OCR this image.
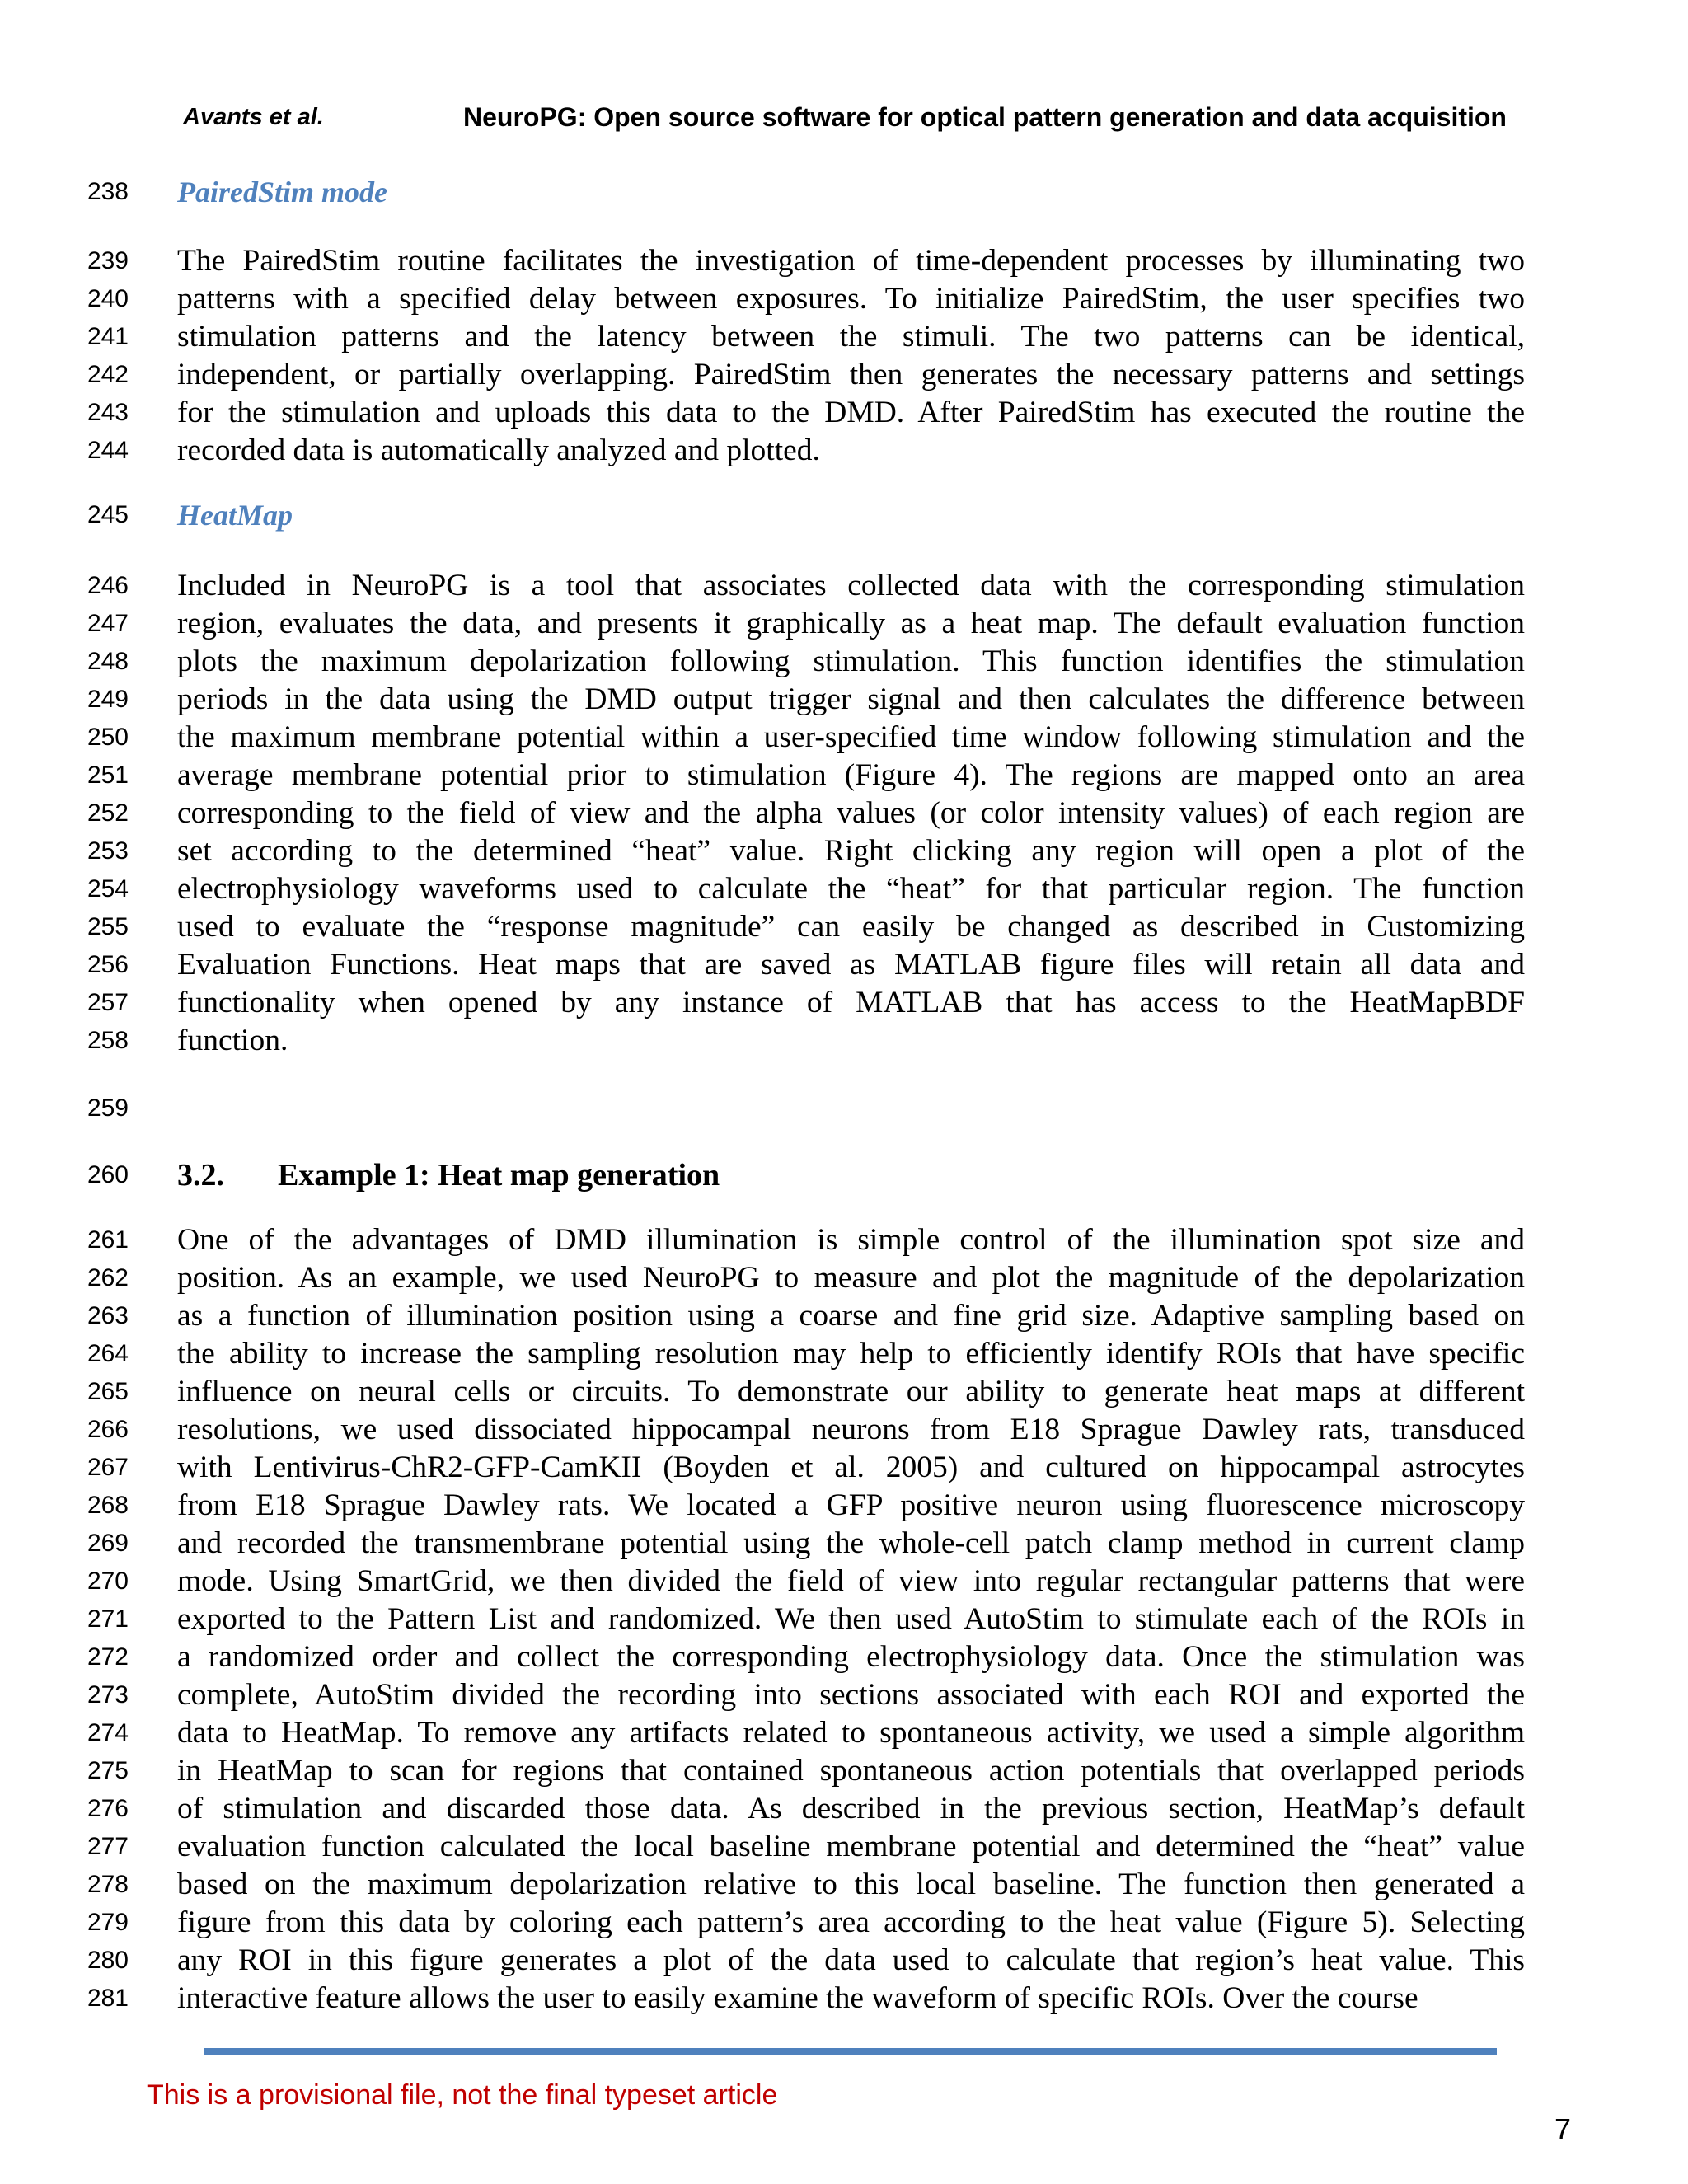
Avants et al.	NeuroPG: Open source software for optical pattern generation and data acquisition
238 PairedStim mode
239
240
241
242
243
244
The PairedStim routine facilitates the investigation of time-dependent processes by illuminating two
patterns with a specified delay between exposures. To initialize PairedStim, the user specifies two
stimulation patterns and the latency between the stimuli. The two patterns can be identical,
independent, or partially overlapping. PairedStim then generates the necessary patterns and settings
for the stimulation and uploads this data to the DMD. After PairedStim has executed the routine the
recorded data is automatically analyzed and plotted.
245 HeatMap
246
247
248
249
250
251
252
253
254
255
256
257
258
Included in NeuroPG is a tool that associates collected data with the corresponding stimulation
region, evaluates the data, and presents it graphically as a heat map. The default evaluation function
plots the maximum depolarization following stimulation. This function identifies the stimulation
periods in the data using the DMD output trigger signal and then calculates the difference between
the maximum membrane potential within a user-specified time window following stimulation and the
average membrane potential prior to stimulation (Figure 4). The regions are mapped onto an area
corresponding to the field of view and the alpha values (or color intensity values) of each region are
set according to the determined “heat” value. Right clicking any region will open a plot of the
electrophysiology waveforms used to calculate the “heat” for that particular region. The function
used to evaluate the “response magnitude” can easily be changed as described in Customizing
Evaluation Functions. Heat maps that are saved as MATLAB figure files will retain all data and
functionality when opened by any instance of MATLAB that has access to the HeatMapBDF
function.
259
260 3.2. Example 1: Heat map generation
261
262
263
264
265
266
267
268
269
270
271
272
273
274
275
276
277
278
279
280
281
One of the advantages of DMD illumination is simple control of the illumination spot size and
position. As an example, we used NeuroPG to measure and plot the magnitude of the depolarization
as a function of illumination position using a coarse and fine grid size. Adaptive sampling based on
the ability to increase the sampling resolution may help to efficiently identify ROIs that have specific
influence on neural cells or circuits. To demonstrate our ability to generate heat maps at different
resolutions, we used dissociated hippocampal neurons from E18 Sprague Dawley rats, transduced
with Lentivirus-ChR2-GFP-CamKII (Boyden et al. 2005) and cultured on hippocampal astrocytes
from E18 Sprague Dawley rats. We located a GFP positive neuron using fluorescence microscopy
and recorded the transmembrane potential using the whole-cell patch clamp method in current clamp
mode. Using SmartGrid, we then divided the field of view into regular rectangular patterns that were
exported to the Pattern List and randomized. We then used AutoStim to stimulate each of the ROIs in
a randomized order and collect the corresponding electrophysiology data. Once the stimulation was
complete, AutoStim divided the recording into sections associated with each ROI and exported the
data to HeatMap. To remove any artifacts related to spontaneous activity, we used a simple algorithm
in HeatMap to scan for regions that contained spontaneous action potentials that overlapped periods
of stimulation and discarded those data. As described in the previous section, HeatMap’s default
evaluation function calculated the local baseline membrane potential and determined the “heat” value
based on the maximum depolarization relative to this local baseline. The function then generated a
figure from this data by coloring each pattern’s area according to the heat value (Figure 5). Selecting
any ROI in this figure generates a plot of the data used to calculate that region’s heat value. This
interactive feature allows the user to easily examine the waveform of specific ROIs. Over the course
This is a provisional file, not the final typeset article
7
